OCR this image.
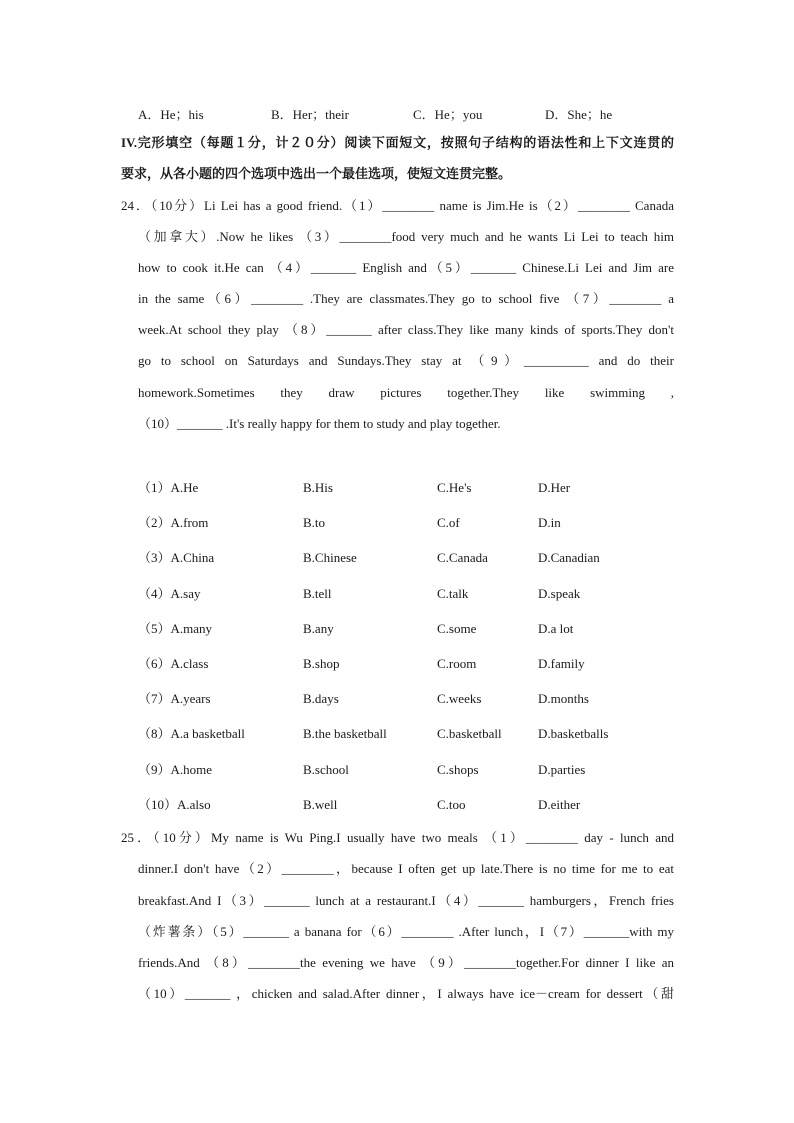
A．He；his	B．Her；their	C．He；you	D．She；he
IV.完形填空（每题１分，计２０分）阅读下面短文，按照句子结构的语法性和上下文连贯的
要求，从各小题的四个选项中选出一个最佳选项，使短文连贯完整。
24．（10分）Li Lei has a good friend.（1）________ name is Jim.He is（2）________ Canada
（加拿大）.Now he likes （3）________food very much and he wants Li Lei to teach him
how to cook it.He can （4）_______ English and（5）_______ Chinese.Li Lei and Jim are
in the same（6）________ .They are classmates.They go to school five （7）________ a
week.At school they play （8）_______ after class.They like many kinds of sports.They don't
go to school on Saturdays and Sundays.They stay at （9）__________ and do their
homework.Sometimes they draw pictures together.They like swimming ,
（10）_______ .It's really happy for them to study and play together.
（1）A.He	B.His	C.He's	D.Her
（2）A.from	B.to	C.of	D.in
（3）A.China	B.Chinese	C.Canada	D.Canadian
（4）A.say	B.tell	C.talk	D.speak
（5）A.many	B.any	C.some	D.a lot
（6）A.class	B.shop	C.room	D.family
（7）A.years	B.days	C.weeks	D.months
（8）A.a basketball	B.the basketball	C.basketball	D.basketballs
（9）A.home	B.school	C.shops	D.parties
（10）A.also	B.well	C.too	D.either
25．（10分）My name is Wu Ping.I usually have two meals （1）________ day - lunch and
dinner.I don't have（2）________，because I often get up late.There is no time for me to eat
breakfast.And I（3）_______ lunch at a restaurant.I（4）_______ hamburgers，French fries
（炸薯条）（5）_______ a banana for（6）________ .After lunch，I（7）_______with my
friends.And （8）________the evening we have （9）________together.For dinner I like an
（10）_______ ，chicken and salad.After dinner，I always have ice－cream for dessert（甜
